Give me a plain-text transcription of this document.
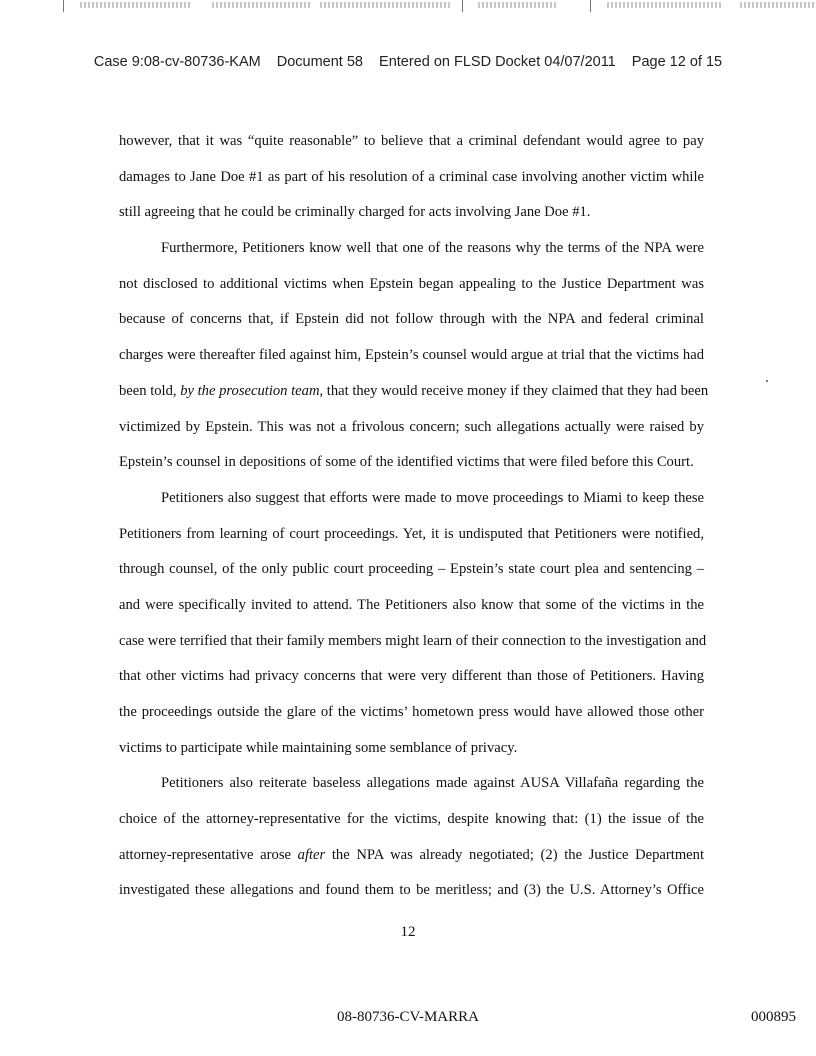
Case 9:08-cv-80736-KAM Document 58 Entered on FLSD Docket 04/07/2011 Page 12 of 15
however, that it was “quite reasonable” to believe that a criminal defendant would agree to pay
damages to Jane Doe #1 as part of his resolution of a criminal case involving another victim while
still agreeing that he could be criminally charged for acts involving Jane Doe #1.
Furthermore, Petitioners know well that one of the reasons why the terms of the NPA were
not disclosed to additional victims when Epstein began appealing to the Justice Department was
because of concerns that, if Epstein did not follow through with the NPA and federal criminal
charges were thereafter filed against him, Epstein’s counsel would argue at trial that the victims had
been told, by the prosecution team, that they would receive money if they claimed that they had been
victimized by Epstein. This was not a frivolous concern; such allegations actually were raised by
Epstein’s counsel in depositions of some of the identified victims that were filed before this Court.
Petitioners also suggest that efforts were made to move proceedings to Miami to keep these
Petitioners from learning of court proceedings. Yet, it is undisputed that Petitioners were notified,
through counsel, of the only public court proceeding – Epstein’s state court plea and sentencing –
and were specifically invited to attend. The Petitioners also know that some of the victims in the
case were terrified that their family members might learn of their connection to the investigation and
that other victims had privacy concerns that were very different than those of Petitioners. Having
the proceedings outside the glare of the victims’ hometown press would have allowed those other
victims to participate while maintaining some semblance of privacy.
Petitioners also reiterate baseless allegations made against AUSA Villafaña regarding the
choice of the attorney-representative for the victims, despite knowing that: (1) the issue of the
attorney-representative arose after the NPA was already negotiated; (2) the Justice Department
investigated these allegations and found them to be meritless; and (3) the U.S. Attorney’s Office
12
08-80736-CV-MARRA	000895
